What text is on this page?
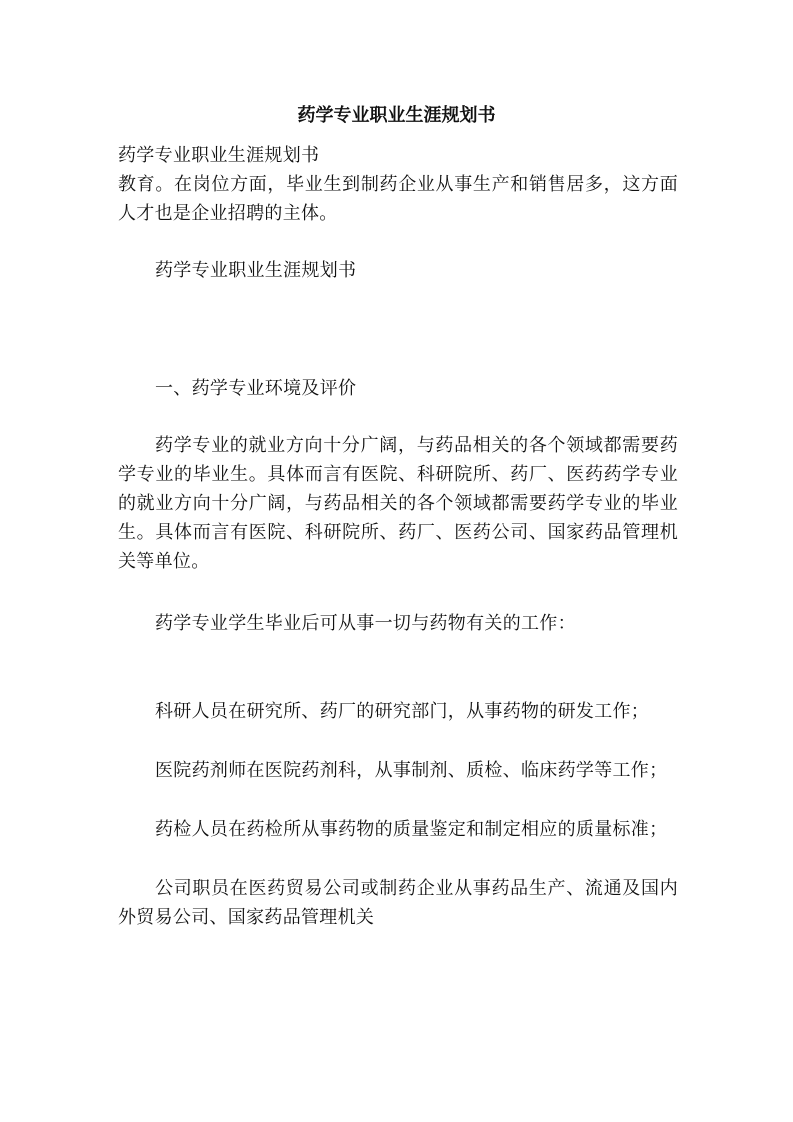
药学专业职业生涯规划书

药学专业职业生涯规划书

教育。在岗位方面，毕业生到制药企业从事生产和销售居多，这方面人才也是企业招聘的主体。

药学专业职业生涯规划书

一、药学专业环境及评价

药学专业的就业方向十分广阔，与药品相关的各个领域都需要药学专业的毕业生。具体而言有医院、科研院所、药厂、医药药学专业的就业方向十分广阔，与药品相关的各个领域都需要药学专业的毕业生。具体而言有医院、科研院所、药厂、医药公司、国家药品管理机关等单位。

药学专业学生毕业后可从事一切与药物有关的工作：

科研人员在研究所、药厂的研究部门，从事药物的研发工作；

医院药剂师在医院药剂科，从事制剂、质检、临床药学等工作；

药检人员在药检所从事药物的质量鉴定和制定相应的质量标准；

公司职员在医药贸易公司或制药企业从事药品生产、流通及国内外贸易公司、国家药品管理机关
